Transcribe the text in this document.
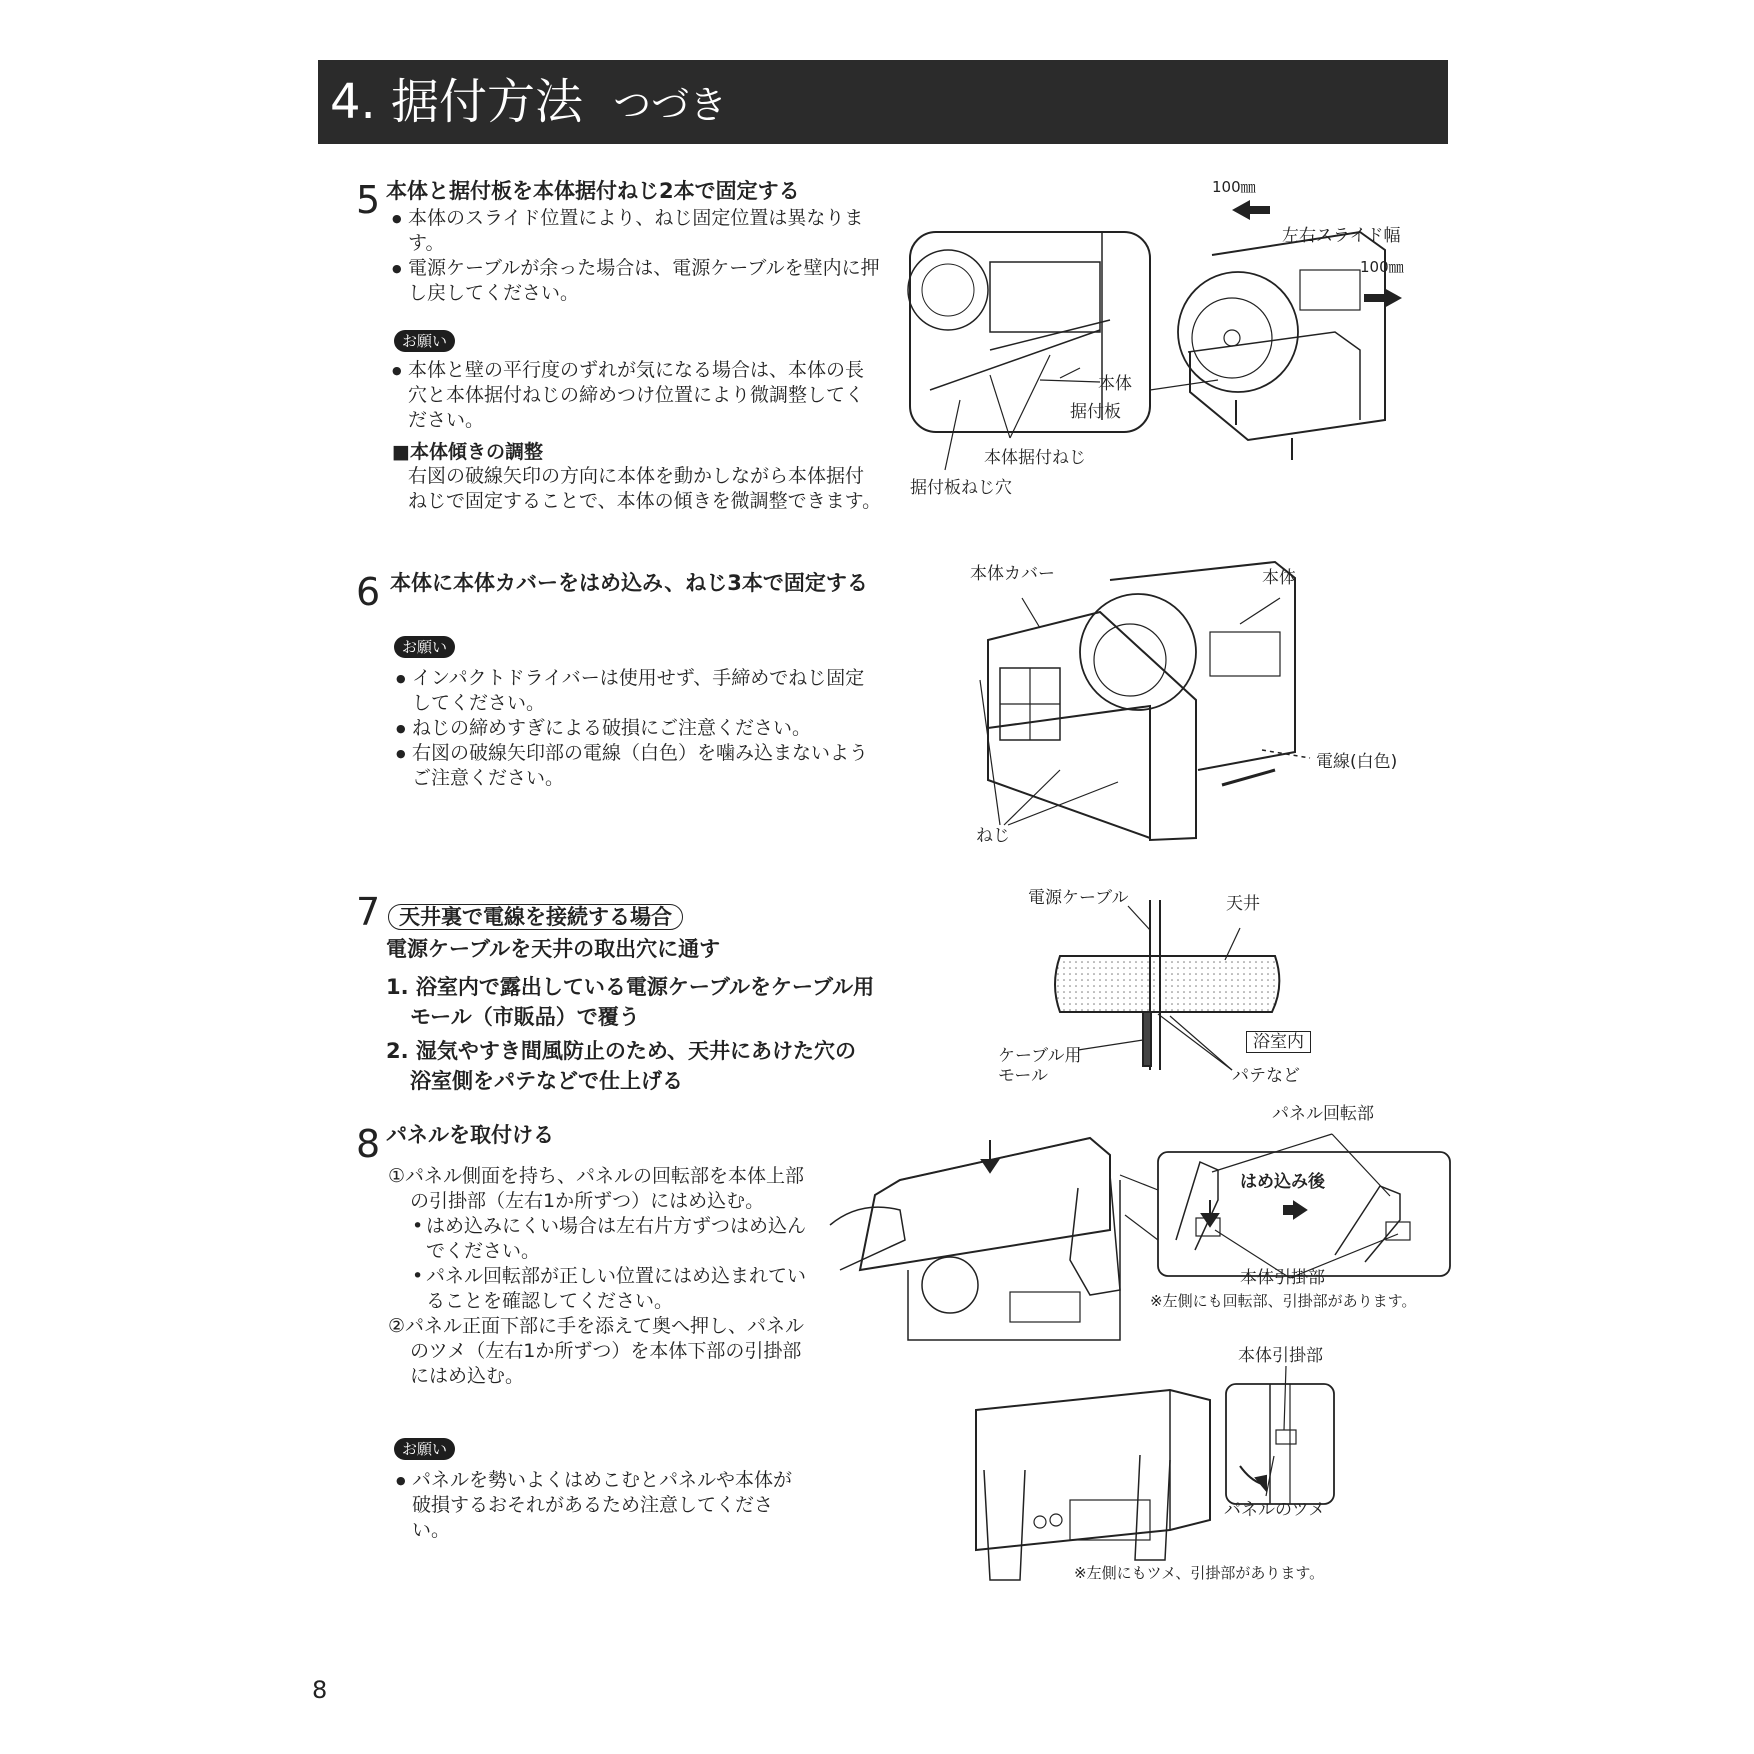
4. 据付方法 つづき
5 本体と据付板を本体据付ねじ2本で固定する
● 本体のスライド位置により、ねじ固定位置は異なります。
● 電源ケーブルが余った場合は、電源ケーブルを壁内に押し戻してください。
お願い
● 本体と壁の平行度のずれが気になる場合は、本体の長穴と本体据付ねじの締めつけ位置により微調整してください。
■本体傾きの調整
右図の破線矢印の方向に本体を動かしながら本体据付ねじで固定することで、本体の傾きを微調整できます。
100㎜
左右スライド幅
100㎜
本体
据付板
本体据付ねじ
据付板ねじ穴
6 本体に本体カバーをはめ込み、ねじ3本で固定する
お願い
● インパクトドライバーは使用せず、手締めでねじ固定してください。
● ねじの締めすぎによる破損にご注意ください。
● 右図の破線矢印部の電線（白色）を噛み込まないようご注意ください。
本体カバー	本体
電線(白色)
ねじ
7 天井裏で電線を接続する場合
電源ケーブルを天井の取出穴に通す
1. 浴室内で露出している電源ケーブルをケーブル用モール（市販品）で覆う
2. 湿気やすき間風防止のため、天井にあけた穴の浴室側をパテなどで仕上げる
電源ケーブル	天井
浴室内
ケーブル用
モール	パテなど
8 パネルを取付ける
①パネル側面を持ち、パネルの回転部を本体上部の引掛部（左右1か所ずつ）にはめ込む。
• はめ込みにくい場合は左右片方ずつはめ込んでください。
• パネル回転部が正しい位置にはめ込まれていることを確認してください。
②パネル正面下部に手を添えて奥へ押し、パネルのツメ（左右1か所ずつ）を本体下部の引掛部にはめ込む。
お願い
● パネルを勢いよくはめこむとパネルや本体が破損するおそれがあるため注意してください。
パネル回転部
はめ込み後
本体引掛部
※左側にも回転部、引掛部があります。
本体引掛部
パネルのツメ
※左側にもツメ、引掛部があります。
8
